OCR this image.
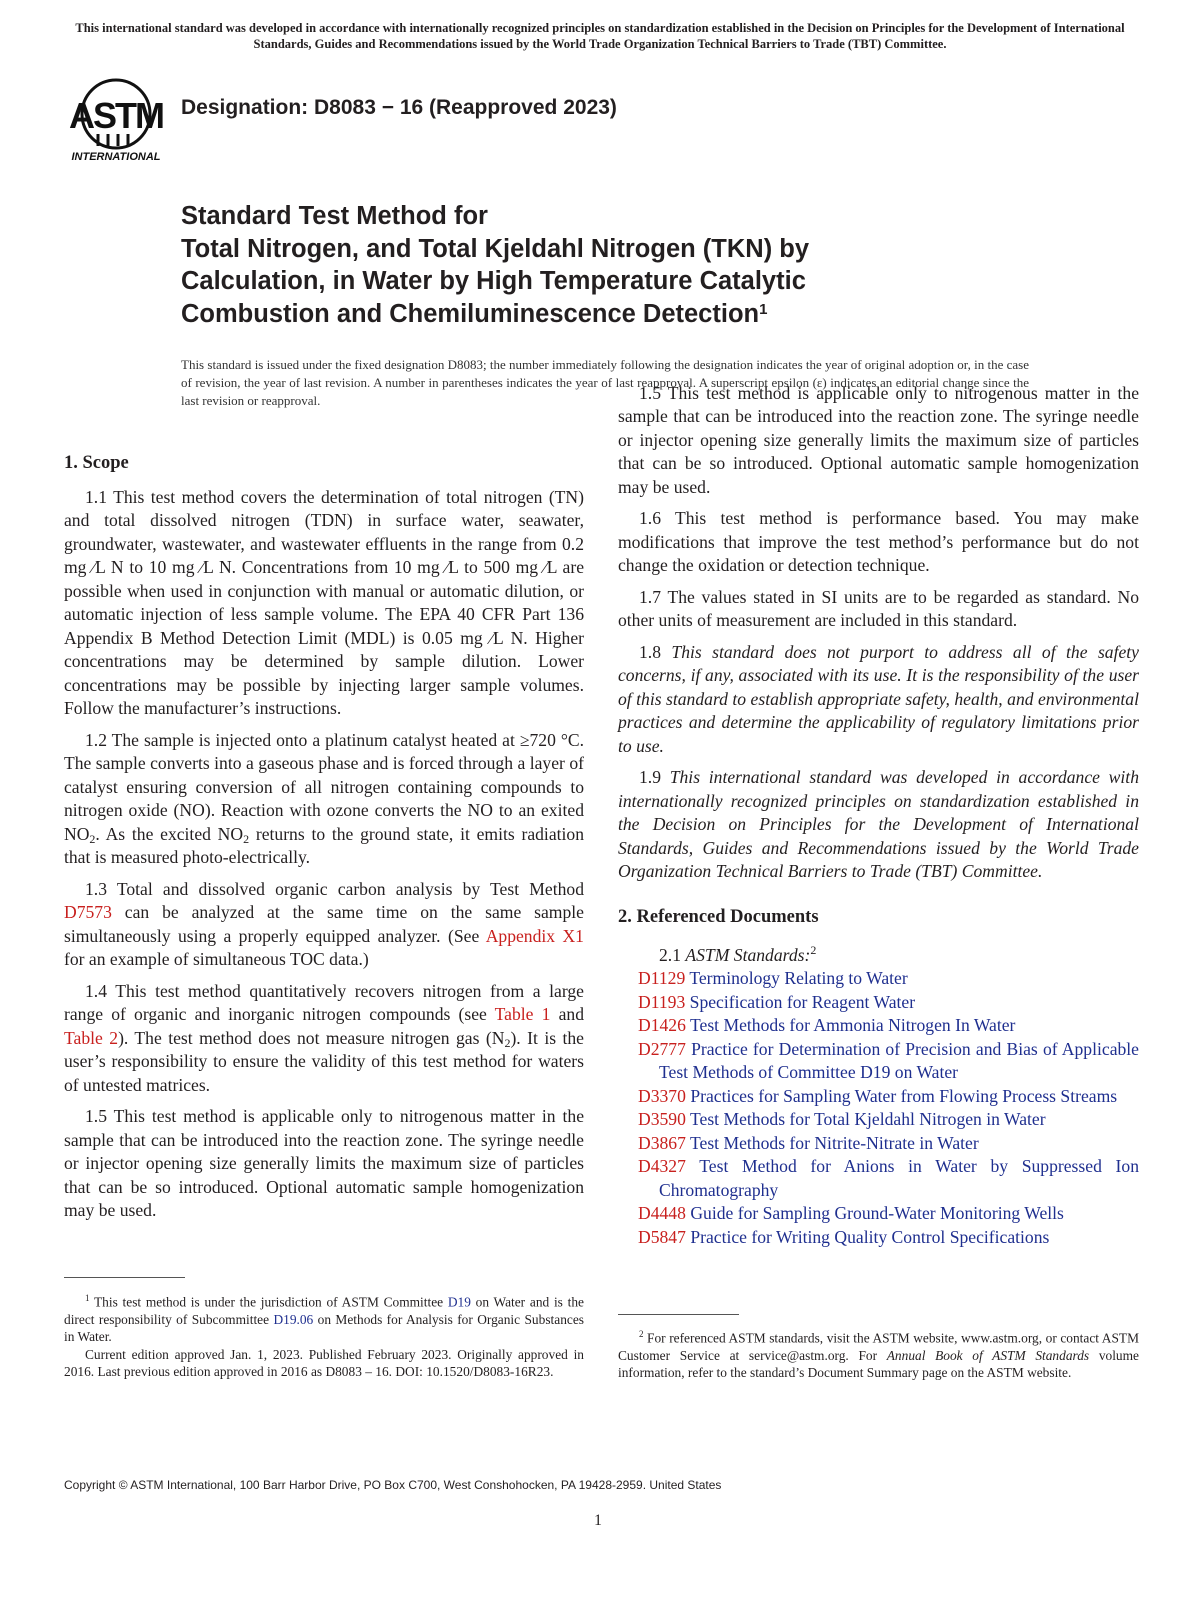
This international standard was developed in accordance with internationally recognized principles on standardization established in the Decision on Principles for the Development of International Standards, Guides and Recommendations issued by the World Trade Organization Technical Barriers to Trade (TBT) Committee.
ASTM
INTERNATIONAL
Designation: D8083 − 16 (Reapproved 2023)
Standard Test Method for
Total Nitrogen, and Total Kjeldahl Nitrogen (TKN) by
Calculation, in Water by High Temperature Catalytic
Combustion and Chemiluminescence Detection$^1$
This standard is issued under the fixed designation D8083; the number immediately following the designation indicates the year of original adoption or, in the case of revision, the year of last revision. A number in parentheses indicates the year of last reapproval. A superscript epsilon (ε) indicates an editorial change since the last revision or reapproval.
1. Scope

1.1 This test method covers the determination of total nitrogen (TN) and total dissolved nitrogen (TDN) in surface water, seawater, groundwater, wastewater, and wastewater effluents in the range from 0.2 mg ⁄L N to 10 mg ⁄L N. Concentrations from 10 mg ⁄L to 500 mg ⁄L are possible when used in conjunction with manual or automatic dilution, or automatic injection of less sample volume. The EPA 40 CFR Part 136 Appendix B Method Detection Limit (MDL) is 0.05 mg ⁄L N. Higher concentrations may be determined by sample dilution. Lower concentrations may be possible by injecting larger sample volumes. Follow the manufacturer’s instructions.

1.2 The sample is injected onto a platinum catalyst heated at ≥720 °C. The sample converts into a gaseous phase and is forced through a layer of catalyst ensuring conversion of all nitrogen containing compounds to nitrogen oxide (NO). Reaction with ozone converts the NO to an exited $NO_2$. As the excited $NO_2$ returns to the ground state, it emits radiation that is measured photo-electrically.

1.3 Total and dissolved organic carbon analysis by Test Method D7573 can be analyzed at the same time on the same sample simultaneously using a properly equipped analyzer. (See Appendix X1 for an example of simultaneous TOC data.)

1.4 This test method quantitatively recovers nitrogen from a large range of organic and inorganic nitrogen compounds (see Table 1 and Table 2). The test method does not measure nitrogen gas $(N_2)$. It is the user’s responsibility to ensure the validity of this test method for waters of untested matrices.

1.5 This test method is applicable only to nitrogenous matter in the sample that can be introduced into the reaction zone. The syringe needle or injector opening size generally limits the maximum size of particles that can be so introduced. Optional automatic sample homogenization may be used.

1.5 This test method is applicable only to nitrogenous matter in the sample that can be introduced into the reaction zone. The syringe needle or injector opening size generally limits the maximum size of particles that can be so introduced. Optional automatic sample homogenization may be used.

1.6 This test method is performance based. You may make modifications that improve the test method’s performance but do not change the oxidation or detection technique.

1.7 The values stated in SI units are to be regarded as standard. No other units of measurement are included in this standard.

1.8 This standard does not purport to address all of the safety concerns, if any, associated with its use. It is the responsibility of the user of this standard to establish appropriate safety, health, and environmental practices and determine the applicability of regulatory limitations prior to use.

1.9 This international standard was developed in accordance with internationally recognized principles on standardization established in the Decision on Principles for the Development of International Standards, Guides and Recommendations issued by the World Trade Organization Technical Barriers to Trade (TBT) Committee.

2. Referenced Documents
2.1 ASTM Standards:$^2$
D1129 Terminology Relating to Water
D1193 Specification for Reagent Water
D1426 Test Methods for Ammonia Nitrogen In Water
D2777 Practice for Determination of Precision and Bias of Applicable Test Methods of Committee D19 on Water
D3370 Practices for Sampling Water from Flowing Process Streams
D3590 Test Methods for Total Kjeldahl Nitrogen in Water
D3867 Test Methods for Nitrite-Nitrate in Water
D4327 Test Method for Anions in Water by Suppressed Ion Chromatography
D4448 Guide for Sampling Ground-Water Monitoring Wells
D5847 Practice for Writing Quality Control Specifications

$^1$ This test method is under the jurisdiction of ASTM Committee D19 on Water and is the direct responsibility of Subcommittee D19.06 on Methods for Analysis for Organic Substances in Water.

Current edition approved Jan. 1, 2023. Published February 2023. Originally approved in 2016. Last previous edition approved in 2016 as D8083 – 16. DOI: 10.1520/D8083-16R23.

$^2$ For referenced ASTM standards, visit the ASTM website, www.astm.org, or contact ASTM Customer Service at service@astm.org. For Annual Book of ASTM Standards volume information, refer to the standard’s Document Summary page on the ASTM website.

Copyright © ASTM International, 100 Barr Harbor Drive, PO Box C700, West Conshohocken, PA 19428-2959. United States
1
